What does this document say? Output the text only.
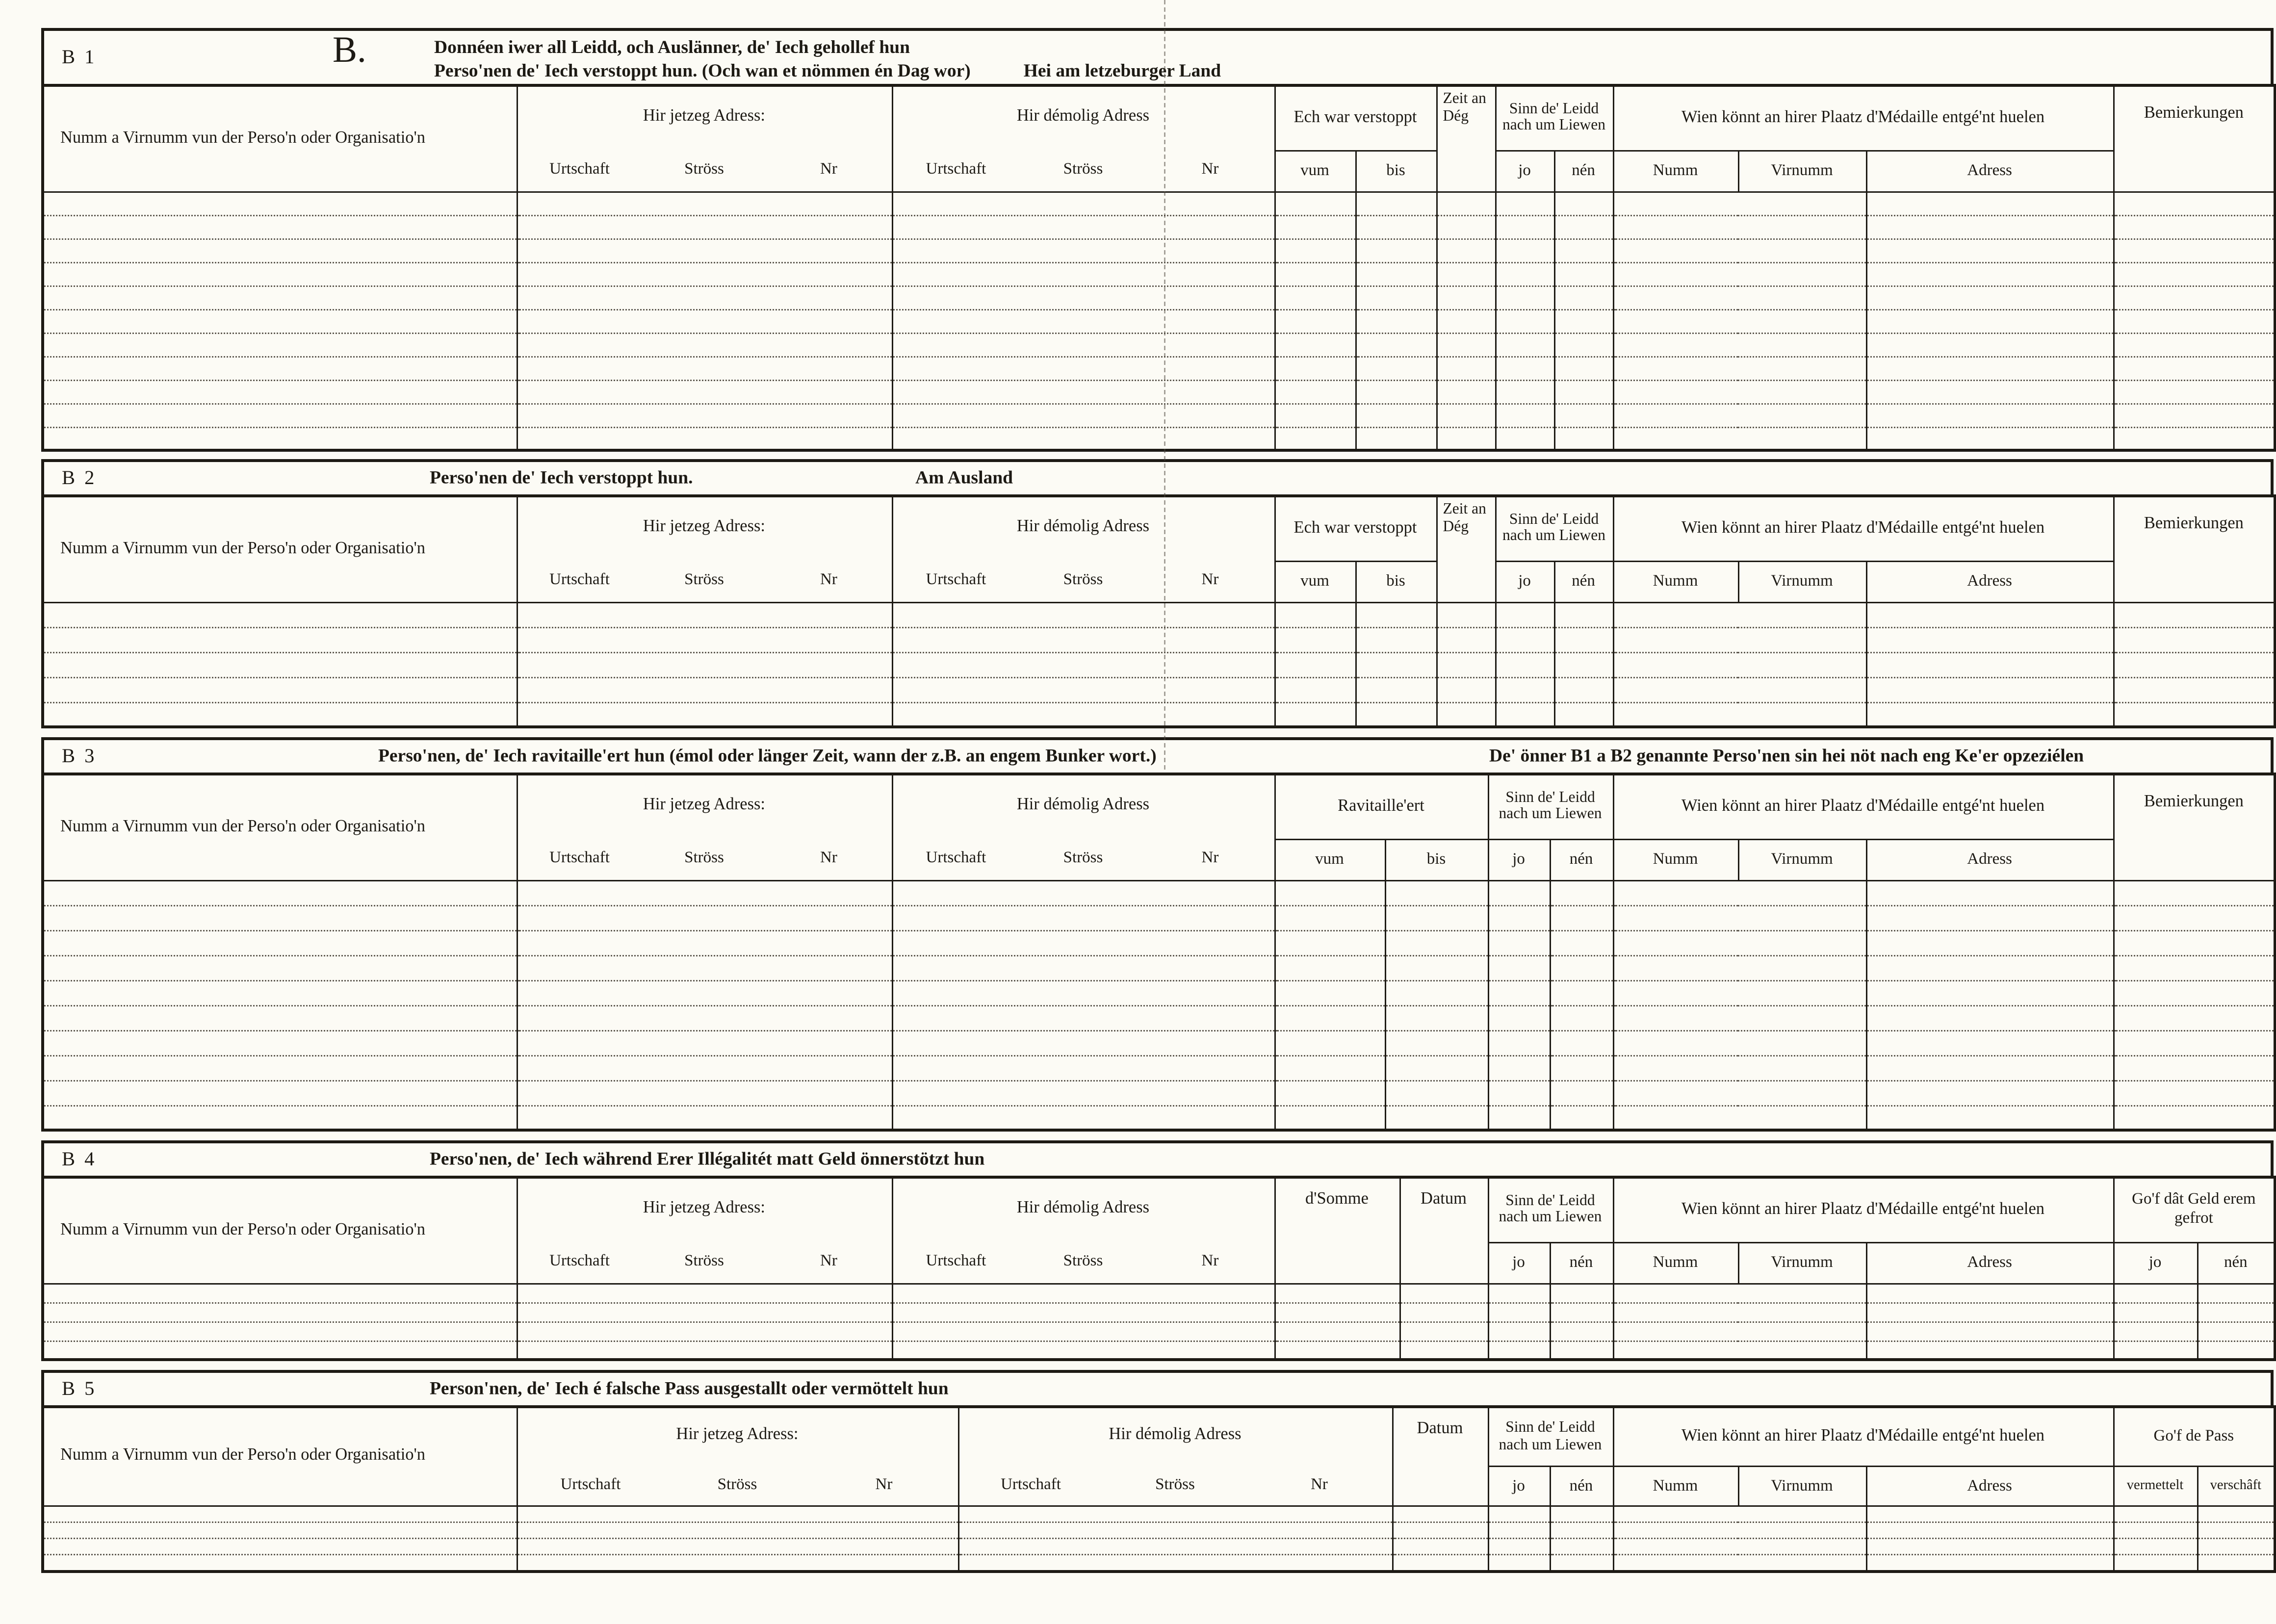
B 1	B.	Donnéen iwer all Leidd, och Auslänner, de' Iech gehollef hun
Perso'nen de' Iech verstoppt hun. (Och wan et nömmen én Dag wor)	Hei am letzeburger Land
Numm a Virnumm vun der Perso'n oder Organisatio'n	
Hir jetzeg Adress:
Urtschaft	Ströss	Nr

Hir démolig Adress
Urtschaft	Ströss	Nr
	Ech war verstoppt	Zeit an Dég	Sinn de' Leidd nach um Liewen	Wien könnt an hirer Plaatz d'Médaille entgé'nt huelen	Bemierkungen
			vum	bis		jo	nén	Numm	Virnumm	Adress	

B 2	Perso'nen de' Iech verstoppt hun.	Am Ausland
Numm a Virnumm vun der Perso'n oder Organisatio'n	
Hir jetzeg Adress:
Urtschaft	Ströss	Nr

Hir démolig Adress
Urtschaft	Ströss	Nr
	Ech war verstoppt	Zeit an Dég	Sinn de' Leidd nach um Liewen	Wien könnt an hirer Plaatz d'Médaille entgé'nt huelen	Bemierkungen
			vum	bis		jo	nén	Numm	Virnumm	Adress	

B 3	Perso'nen, de' Iech ravitaille'ert hun (émol oder länger Zeit, wann der z.B. an engem Bunker wort.)	De' önner B1 a B2 genannte Perso'nen sin hei nöt nach eng Ke'er opzeziélen
Numm a Virnumm vun der Perso'n oder Organisatio'n	
Hir jetzeg Adress:
Urtschaft	Ströss	Nr

Hir démolig Adress
Urtschaft	Ströss	Nr
	Ravitaille'ert	Sinn de' Leidd nach um Liewen	Wien könnt an hirer Plaatz d'Médaille entgé'nt huelen	Bemierkungen
			vum	bis	jo	nén	Numm	Virnumm	Adress	

B 4	Perso'nen, de' Iech während Erer Illégalitét matt Geld önnerstötzt hun
Numm a Virnumm vun der Perso'n oder Organisatio'n	
Hir jetzeg Adress:
Urtschaft	Ströss	Nr

Hir démolig Adress
Urtschaft	Ströss	Nr
	d'Somme	Datum	Sinn de' Leidd nach um Liewen	Wien könnt an hirer Plaatz d'Médaille entgé'nt huelen	Go'f dât Geld erem gefrot
					jo	nén	Numm	Virnumm	Adress	jo	nén

B 5	Person'nen, de' Iech é falsche Pass ausgestallt oder vermöttelt hun
Numm a Virnumm vun der Perso'n oder Organisatio'n	
Hir jetzeg Adress:
Urtschaft	Ströss	Nr

Hir démolig Adress
Urtschaft	Ströss	Nr
	Datum	Sinn de' Leidd nach um Liewen	Wien könnt an hirer Plaatz d'Médaille entgé'nt huelen	Go'f de Pass
				jo	nén	Numm	Virnumm	Adress	vermettelt	verschâft
